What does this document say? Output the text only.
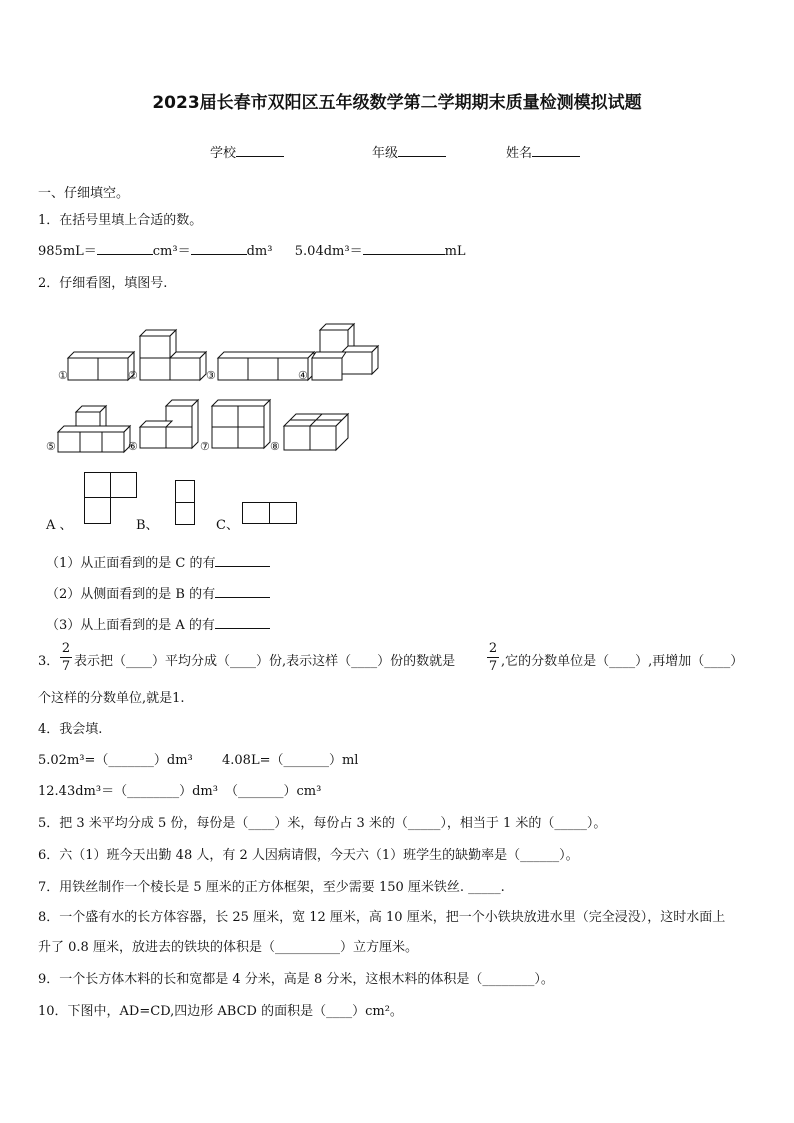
2023届长春市双阳区五年级数学第二学期期末质量检测模拟试题
学校	年级	姓名
一、仔细填空。
1．在括号里填上合适的数。
985mL＝	cm³＝	dm³ 5.04dm³＝	mL
2．仔细看图，填图号.
①	②	③	④
⑤	⑥	⑦	⑧
A 、	B、	C、
（1）从正面看到的是 C 的有
（2）从侧面看到的是 B 的有
（3）从上面看到的是 A 的有
3．
2
7 表示把（____）平均分成（____）份,表示这样（____）份的数就是
2
7 ,它的分数单位是（____）,再增加（____）
个这样的分数单位,就是1.
4．我会填.
5.02m³=（_______）dm³ 4.08L=（_______）ml
12.43dm³＝（________）dm³ （_______）cm³
5．把 3 米平均分成 5 份，每份是（____）米，每份占 3 米的（_____），相当于 1 米的（_____）。
6．六（1）班今天出勤 48 人，有 2 人因病请假，今天六（1）班学生的缺勤率是（______）。
7．用铁丝制作一个棱长是 5 厘米的正方体框架，至少需要 150 厘米铁丝. _____.
8．一个盛有水的长方体容器，长 25 厘米，宽 12 厘米，高 10 厘米，把一个小铁块放进水里（完全浸没），这时水面上
升了 0.8 厘米，放进去的铁块的体积是（__________）立方厘米。
9．一个长方体木料的长和宽都是 4 分米，高是 8 分米，这根木料的体积是（________）。
10．下图中，AD=CD,四边形 ABCD 的面积是（____）cm²。
